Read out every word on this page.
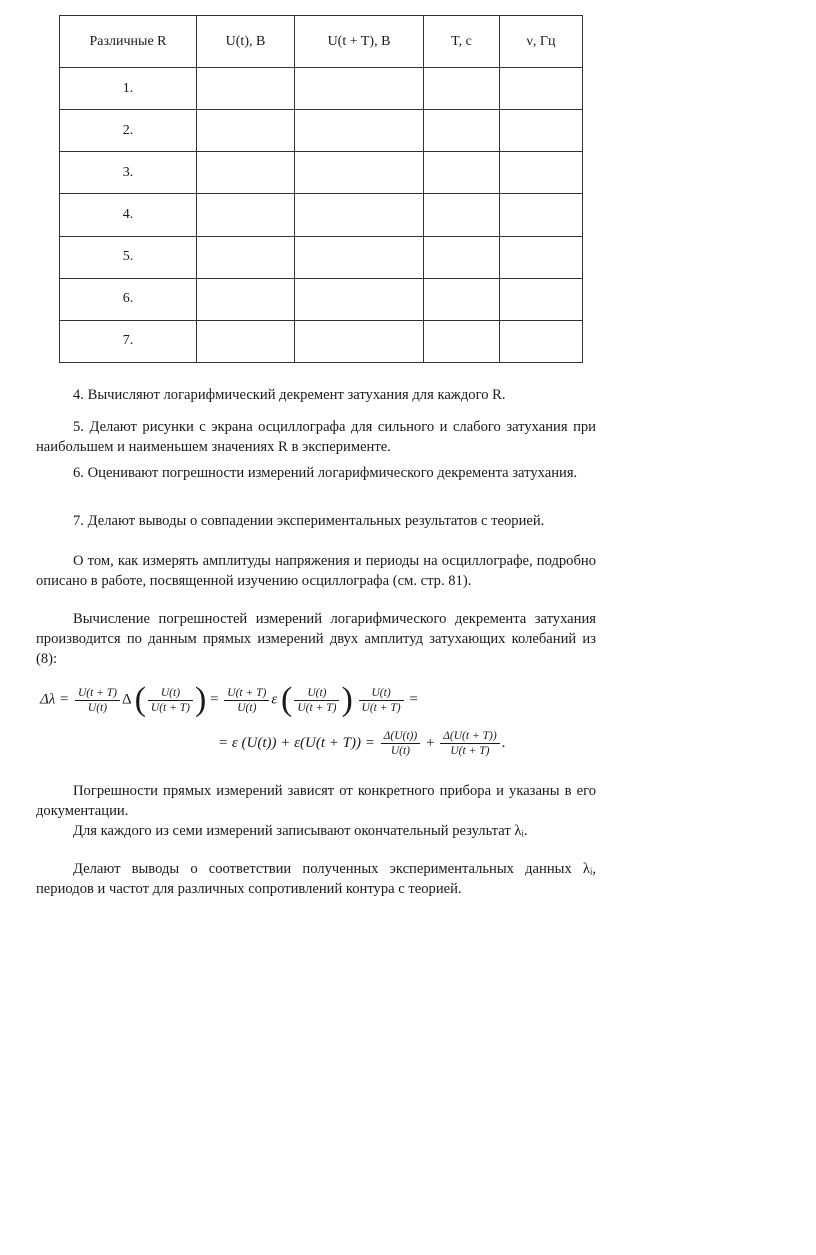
Различные R	U(t), В	U(t + T), В	T, с	ν, Гц
1.				
2.				
3.				
4.				
5.				
6.				
7.				

4. Вычисляют логарифмический декремент затухания для каждого R.

5. Делают рисунки с экрана осциллографа для сильного и слабого затухания при наибольшем и наименьшем значениях R в эксперименте.

6. Оценивают погрешности измерений логарифмического декремента затухания.

7. Делают выводы о совпадении экспериментальных результатов с теорией.

О том, как измерять амплитуды напряжения и периоды на осциллографе, подробно описано в работе, посвященной изучению осциллографа (см. стр. 81).

Вычисление погрешностей измерений логарифмического декремента затухания производится по данным прямых измерений двух амплитуд затухающих колебаний из (8):

$\Delta\lambda = \frac{U(t + T)}{U(t)}$ Δ ( $\frac{U(t)}{U(t + T)}$ ) = $\frac{U(t + T)}{U(t)}$ ε ( $\frac{U(t)}{U(t + T)}$ ) $\frac{U(t)}{U(t + T)}$ =
= ε $(U(t)) + \varepsilon(U(t + T)) = \frac{\Delta(U(t))}{U(t)} + \frac{\Delta(U(t + T))}{U(t + T)}$ .

Погрешности прямых измерений зависят от конкретного прибора и указаны в его документации.

Для каждого из семи измерений записывают окончательный результат λᵢ.

Делают выводы о соответствии полученных экспериментальных данных λᵢ, периодов и частот для различных сопротивлений контура с теорией.
